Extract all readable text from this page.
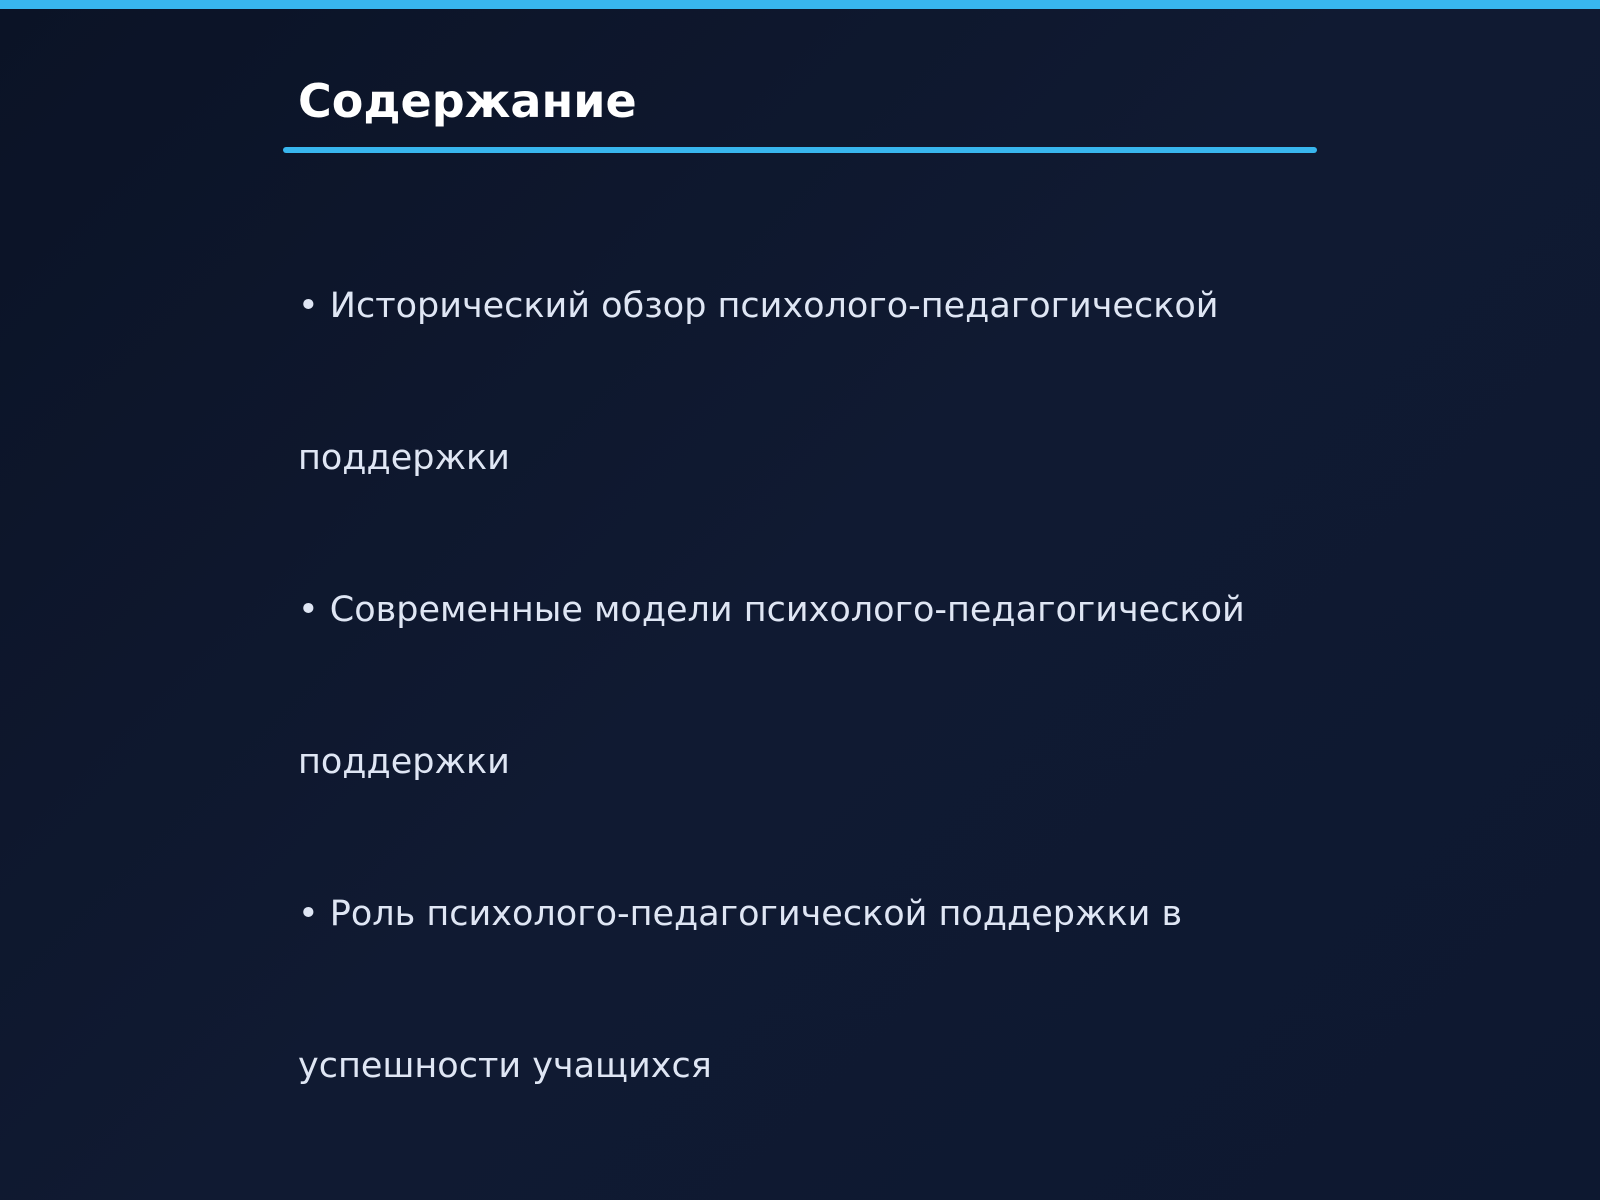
Содержание
• Исторический обзор психолого-педагогической
поддержки
• Современные модели психолого-педагогической
поддержки
• Роль психолого-педагогической поддержки в
успешности учащихся
